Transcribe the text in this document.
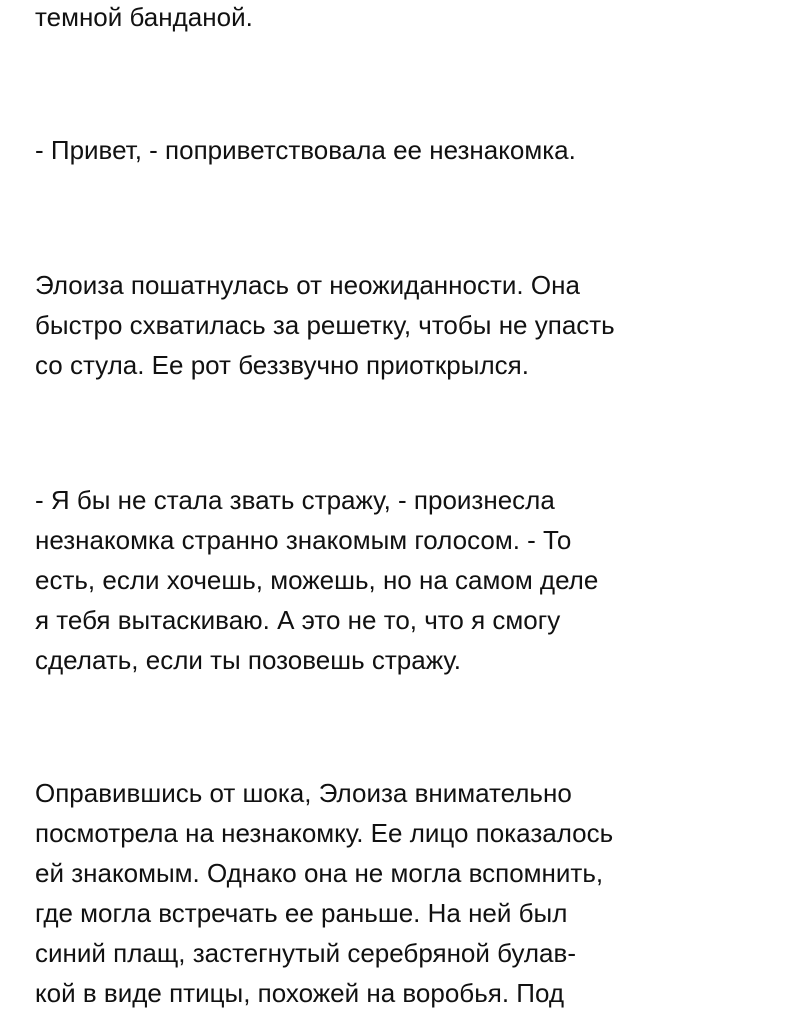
темной банданой.
- Привет, - поприветствовала ее незнакомка.
Элоиза пошатнулась от неожиданности. Она
быстро схватилась за решетку, чтобы не упасть
со стула. Ее рот беззвучно приоткрылся.
- Я бы не стала звать стражу, - произнесла
незнакомка странно знакомым голосом. - То
есть, если хочешь, можешь, но на самом деле
я тебя вытаскиваю. А это не то, что я смогу
сделать, если ты позовешь стражу.
Оправившись от шока, Элоиза внимательно
посмотрела на незнакомку. Ее лицо показалось
ей знакомым. Однако она не могла вспомнить,
где могла встречать ее раньше. На ней был
синий плащ, застегнутый серебряной булав-
кой в виде птицы, похожей на воробья. Под
